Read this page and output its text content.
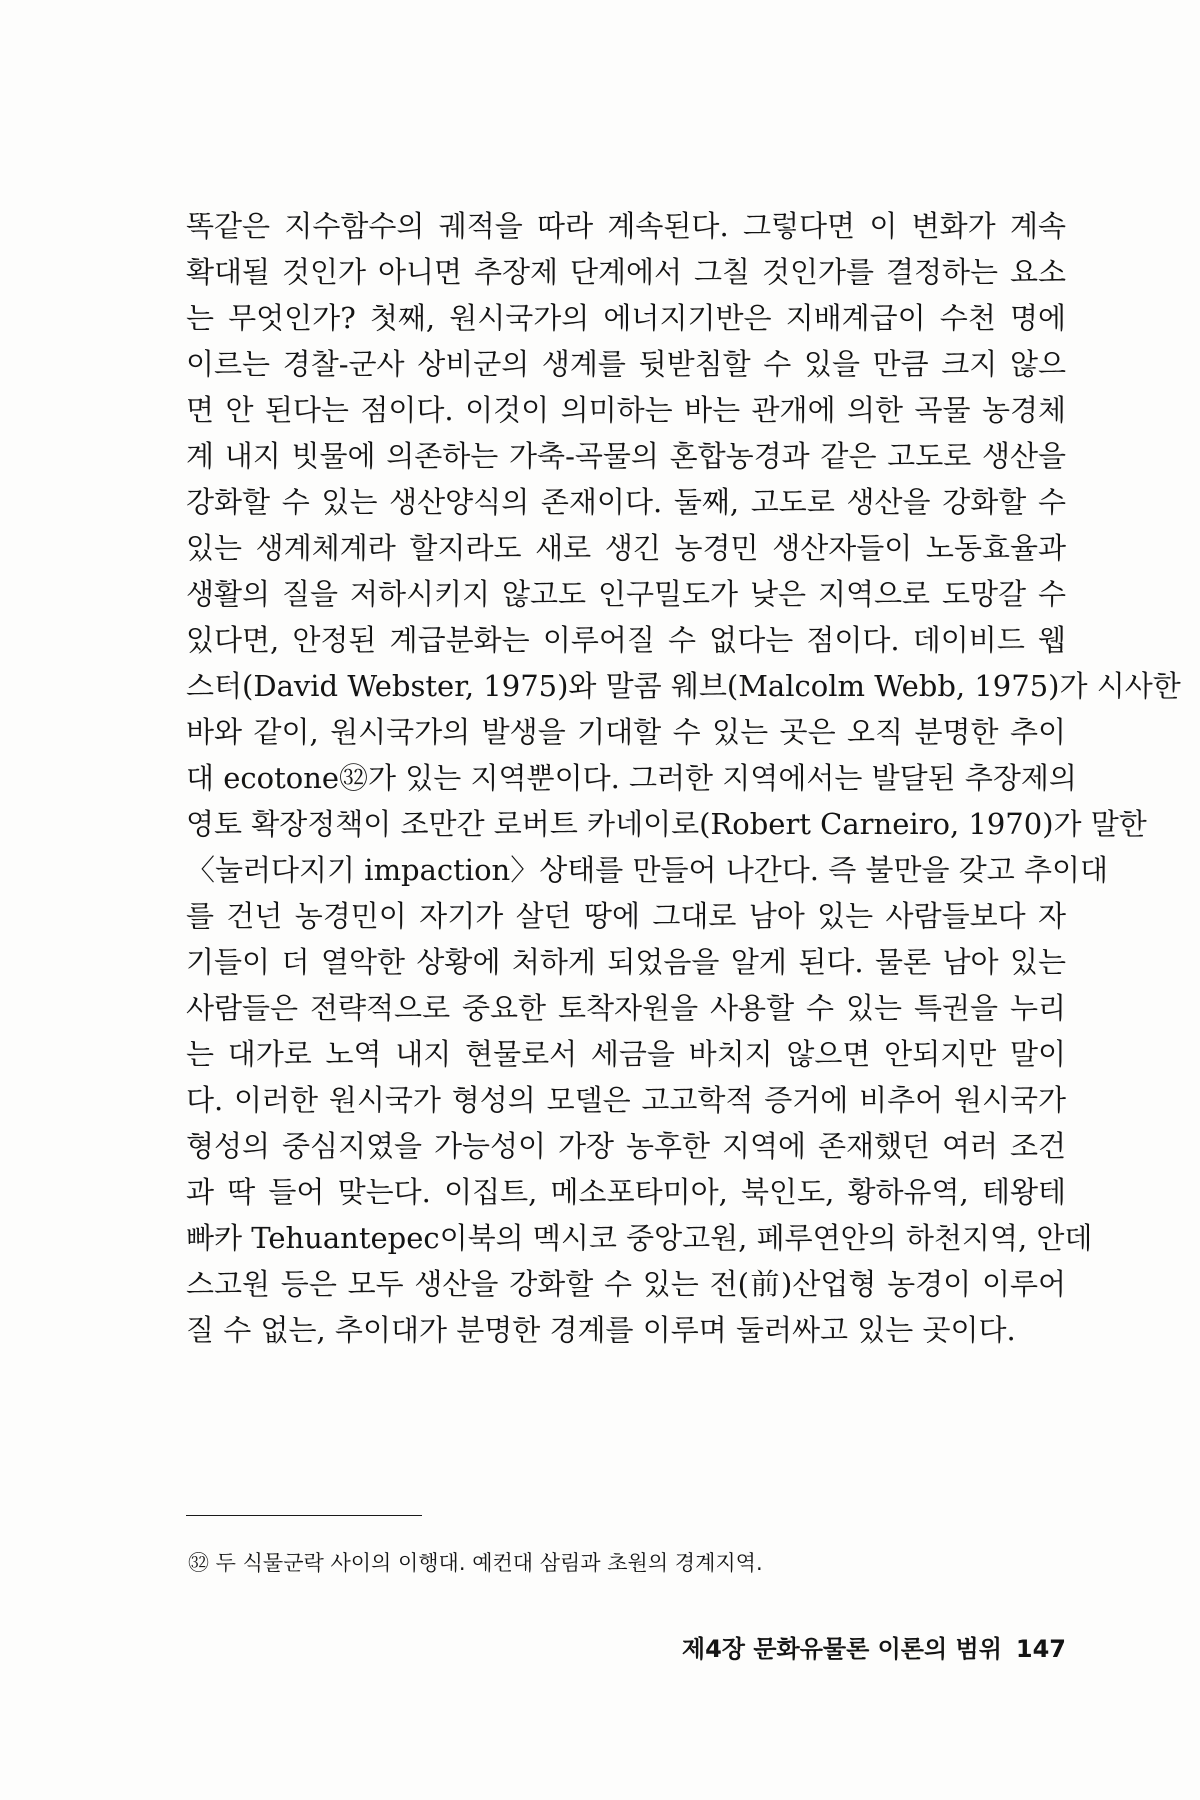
똑같은 지수함수의 궤적을 따라 계속된다. 그렇다면 이 변화가 계속
확대될 것인가 아니면 추장제 단계에서 그칠 것인가를 결정하는 요소
는 무엇인가? 첫째, 원시국가의 에너지기반은 지배계급이 수천 명에
이르는 경찰-군사 상비군의 생계를 뒷받침할 수 있을 만큼 크지 않으
면 안 된다는 점이다. 이것이 의미하는 바는 관개에 의한 곡물 농경체
계 내지 빗물에 의존하는 가축-곡물의 혼합농경과 같은 고도로 생산을
강화할 수 있는 생산양식의 존재이다. 둘째, 고도로 생산을 강화할 수
있는 생계체계라 할지라도 새로 생긴 농경민 생산자들이 노동효율과
생활의 질을 저하시키지 않고도 인구밀도가 낮은 지역으로 도망갈 수
있다면, 안정된 계급분화는 이루어질 수 없다는 점이다. 데이비드 웹
스터(David Webster, 1975)와 말콤 웨브(Malcolm Webb, 1975)가 시사한
바와 같이, 원시국가의 발생을 기대할 수 있는 곳은 오직 분명한 추이
대 ecotone㉜가 있는 지역뿐이다. 그러한 지역에서는 발달된 추장제의
영토 확장정책이 조만간 로버트 카네이로(Robert Carneiro, 1970)가 말한
〈눌러다지기 impaction〉상태를 만들어 나간다. 즉 불만을 갖고 추이대
를 건넌 농경민이 자기가 살던 땅에 그대로 남아 있는 사람들보다 자
기들이 더 열악한 상황에 처하게 되었음을 알게 된다. 물론 남아 있는
사람들은 전략적으로 중요한 토착자원을 사용할 수 있는 특권을 누리
는 대가로 노역 내지 현물로서 세금을 바치지 않으면 안되지만 말이
다. 이러한 원시국가 형성의 모델은 고고학적 증거에 비추어 원시국가
형성의 중심지였을 가능성이 가장 농후한 지역에 존재했던 여러 조건
과 딱 들어 맞는다. 이집트, 메소포타미아, 북인도, 황하유역, 테왕테
빠카 Tehuantepec이북의 멕시코 중앙고원, 페루연안의 하천지역, 안데
스고원 등은 모두 생산을 강화할 수 있는 전(前)산업형 농경이 이루어
질 수 없는, 추이대가 분명한 경계를 이루며 둘러싸고 있는 곳이다.
㉜ 두 식물군락 사이의 이행대. 예컨대 삼림과 초원의 경계지역.
제4장 문화유물론 이론의 범위 147
